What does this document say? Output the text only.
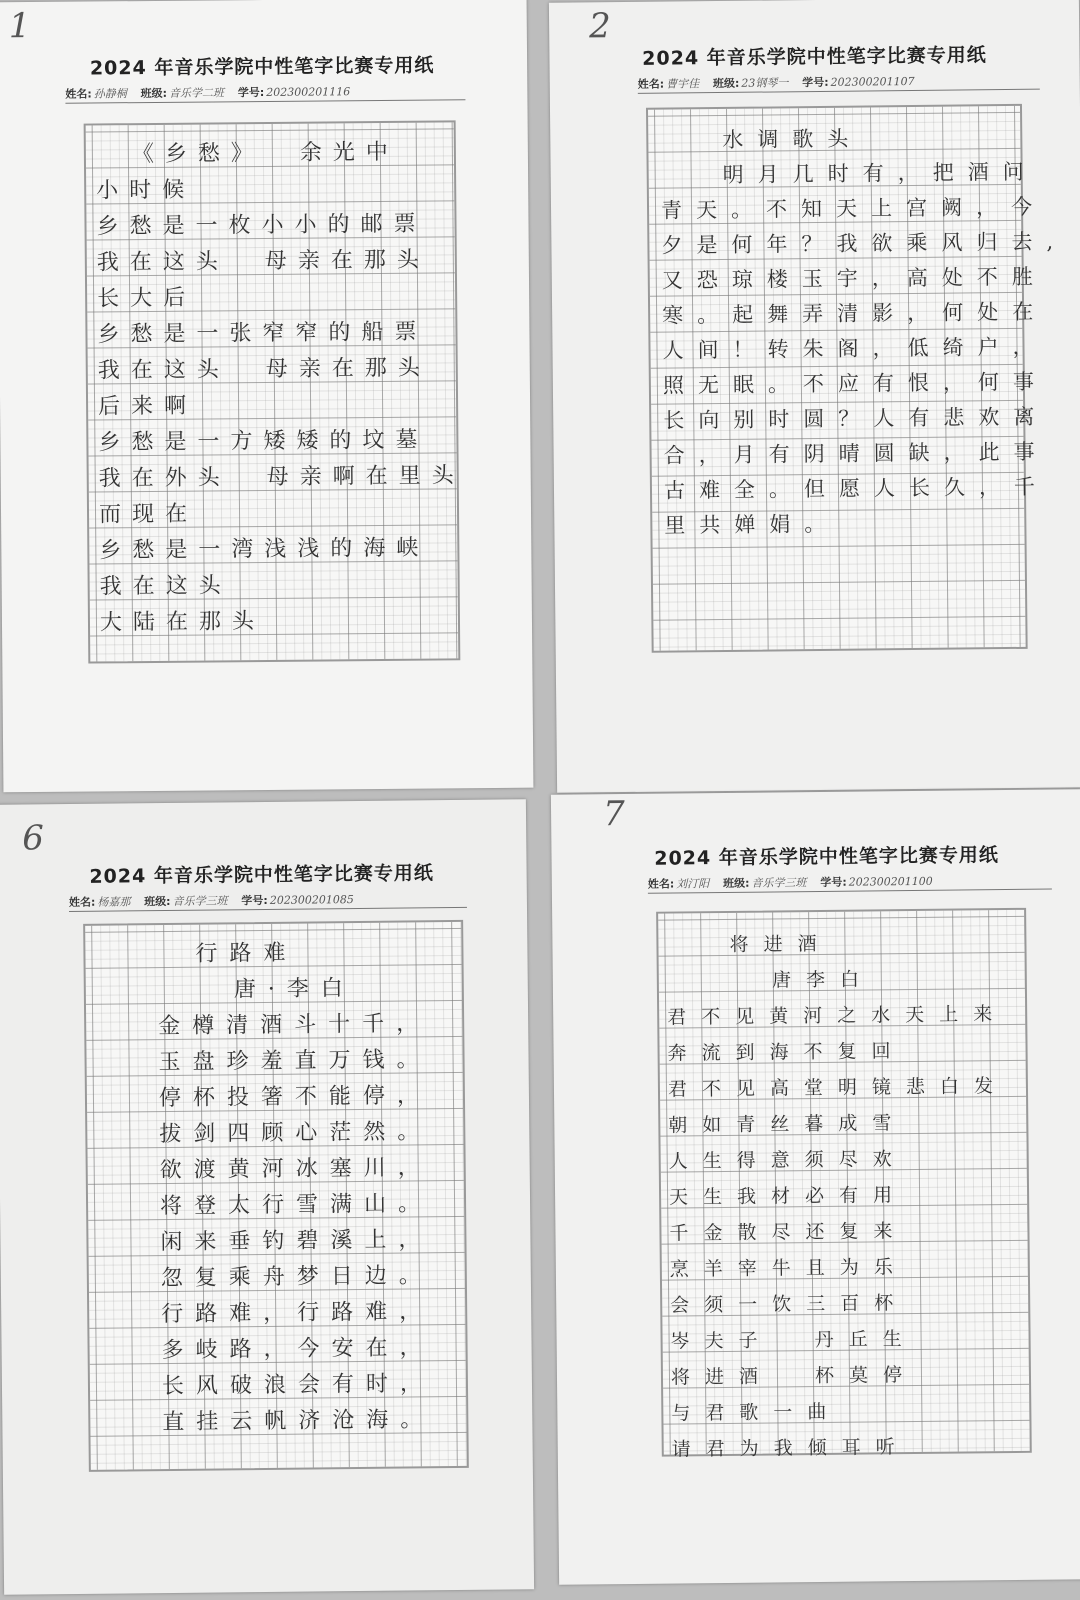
1
2024 年音乐学院中性笔字比赛专用纸
姓名: 孙静桐 班级: 音乐学二班 学号: 202300201116
《乡愁》  余光中
小时候
乡愁是一枚小小的邮票
我在这头  母亲在那头
长大后
乡愁是一张窄窄的船票
我在这头  母亲在那头
后来啊
乡愁是一方矮矮的坟墓
我在外头  母亲啊在里头
而现在
乡愁是一湾浅浅的海峡
我在这头
大陆在那头
2
2024 年音乐学院中性笔字比赛专用纸
姓名: 曹宇佳 班级: 23钢琴一 学号: 202300201107
水调歌头
明月几时有，把酒问
青天。不知天上宫阙，今
夕是何年？我欲乘风归去,
又恐琼楼玉宇，高处不胜
寒。起舞弄清影，何处在
人间！转朱阁，低绮户，
照无眠。不应有恨，何事
长向别时圆？人有悲欢离
合，月有阴晴圆缺，此事
古难全。但愿人长久，千
里共婵娟。
6
2024 年音乐学院中性笔字比赛专用纸
姓名: 杨嘉那 班级: 音乐学三班 学号: 202300201085
行路难
唐·李白
金樽清酒斗十千，
玉盘珍羞直万钱。
停杯投箸不能停，
拔剑四顾心茫然。
欲渡黄河冰塞川，
将登太行雪满山。
闲来垂钓碧溪上，
忽复乘舟梦日边。
行路难，行路难，
多岐路，今安在，
长风破浪会有时，
直挂云帆济沧海。
7
2024 年音乐学院中性笔字比赛专用纸
姓名: 刘汀阳 班级: 音乐学三班 学号: 202300201100
将进酒
唐李白
君不见黄河之水天上来
奔流到海不复回
君不见高堂明镜悲白发
朝如青丝暮成雪
人生得意须尽欢
天生我材必有用
千金散尽还复来
烹羊宰牛且为乐
会须一饮三百杯
岑夫子  丹丘生
将进酒  杯莫停
与君歌一曲
请君为我倾耳听
